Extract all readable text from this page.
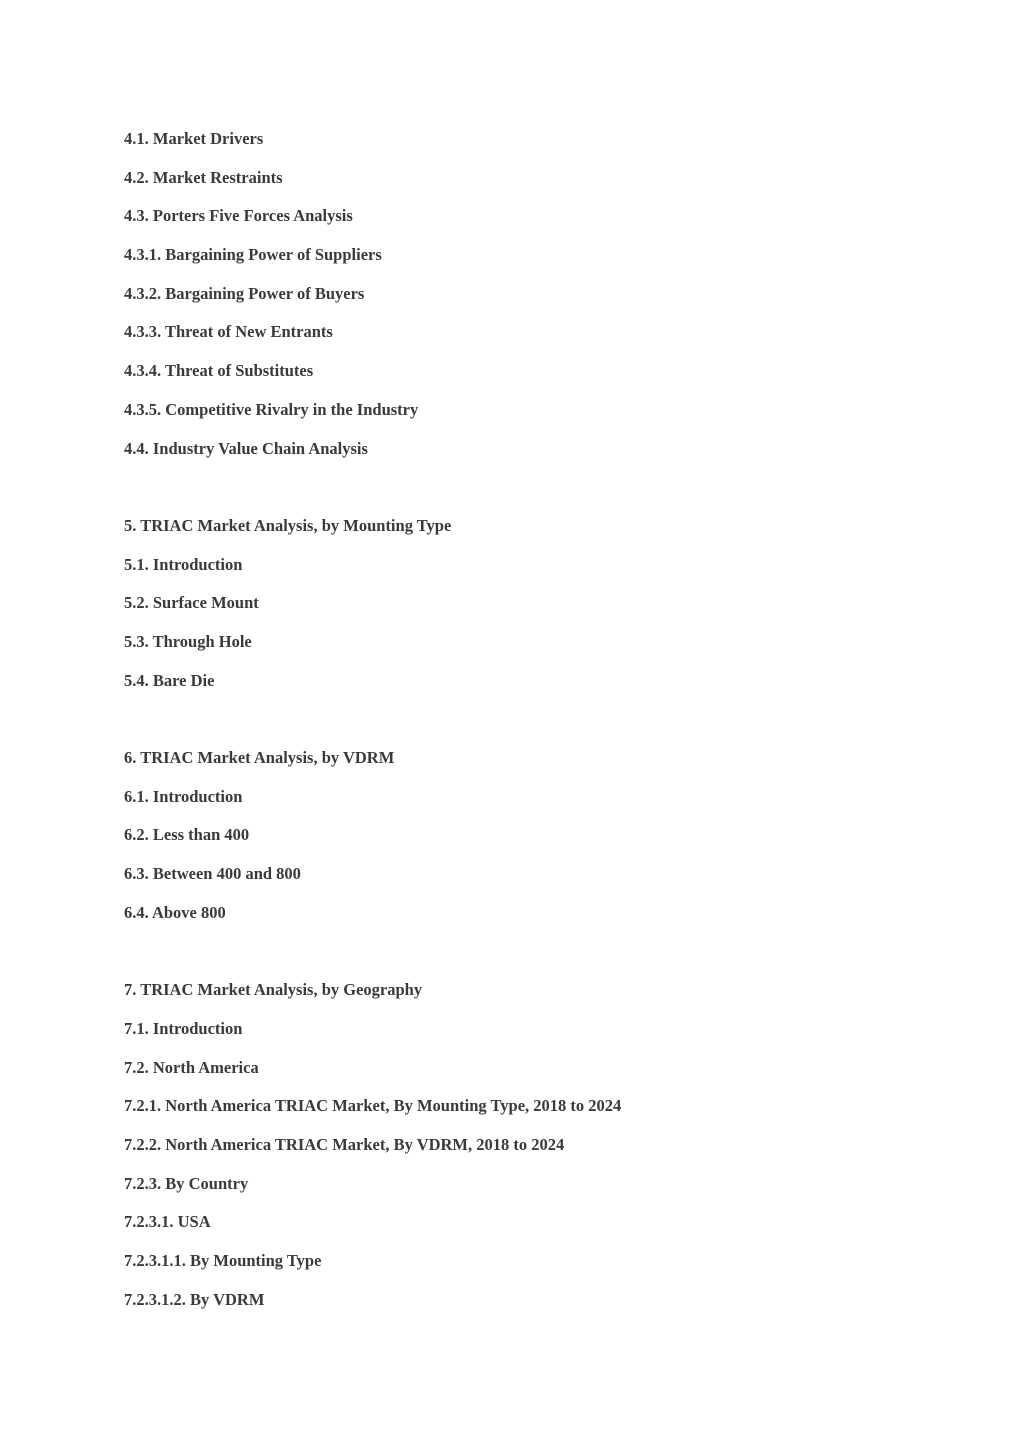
4.1. Market Drivers
4.2. Market Restraints
4.3. Porters Five Forces Analysis
4.3.1. Bargaining Power of Suppliers
4.3.2. Bargaining Power of Buyers
4.3.3. Threat of New Entrants
4.3.4. Threat of Substitutes
4.3.5. Competitive Rivalry in the Industry
4.4. Industry Value Chain Analysis
5. TRIAC Market Analysis, by Mounting Type
5.1. Introduction
5.2. Surface Mount
5.3. Through Hole
5.4. Bare Die
6. TRIAC Market Analysis, by VDRM
6.1. Introduction
6.2. Less than 400
6.3. Between 400 and 800
6.4. Above 800
7. TRIAC Market Analysis, by Geography
7.1. Introduction
7.2. North America
7.2.1. North America TRIAC Market, By Mounting Type, 2018 to 2024
7.2.2. North America TRIAC Market, By VDRM, 2018 to 2024
7.2.3. By Country
7.2.3.1. USA
7.2.3.1.1. By Mounting Type
7.2.3.1.2. By VDRM
